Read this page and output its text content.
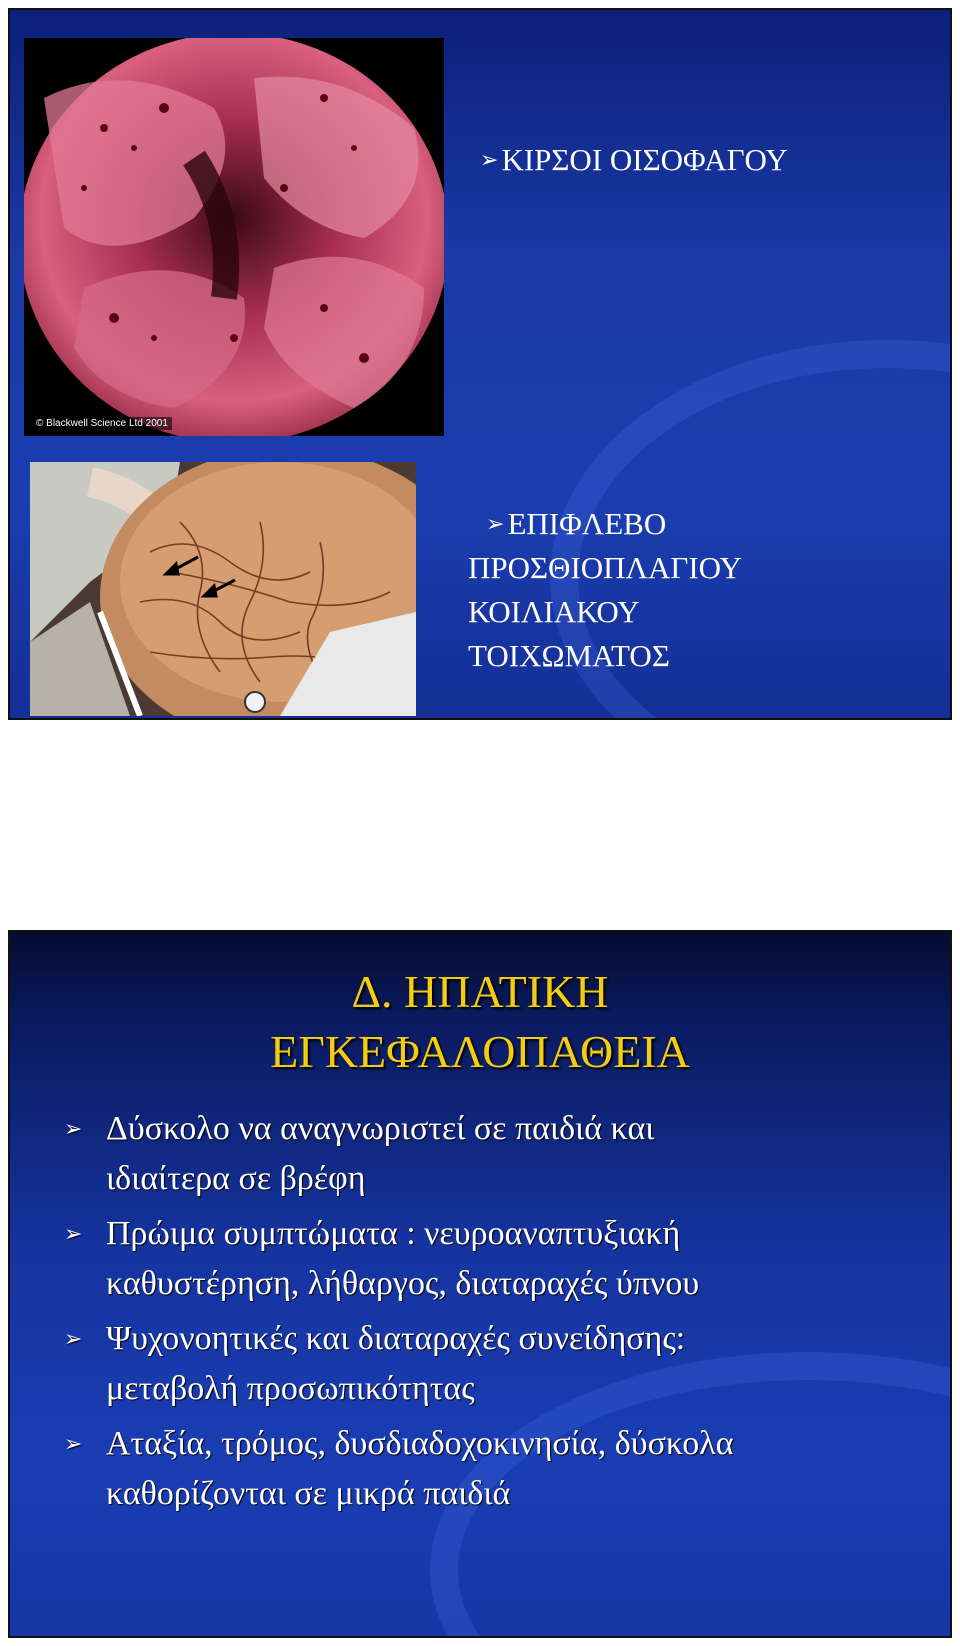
© Blackwell Science Ltd 2001
➢ΚΙΡΣΟΙ ΟΙΣΟΦΑΓΟΥ
➢ΕΠΙΦΛΕΒΟ
ΠΡΟΣΘΙΟΠΛΑΓΙΟΥ
ΚΟΙΛΙΑΚΟΥ
ΤΟΙΧΩΜΑΤΟΣ
Δ. ΗΠΑΤΙΚΗ
ΕΓΚΕΦΑΛΟΠΑΘΕΙΑ
➢ Δύσκολο να αναγνωριστεί σε παιδιά και
ιδιαίτερα σε βρέφη
➢ Πρώιμα συμπτώματα : νευροαναπτυξιακή
καθυστέρηση, λήθαργος, διαταραχές ύπνου
➢ Ψυχονοητικές και διαταραχές συνείδησης:
μεταβολή προσωπικότητας
➢ Αταξία, τρόμος, δυσδιαδοχοκινησία, δύσκολα
καθορίζονται σε μικρά παιδιά
